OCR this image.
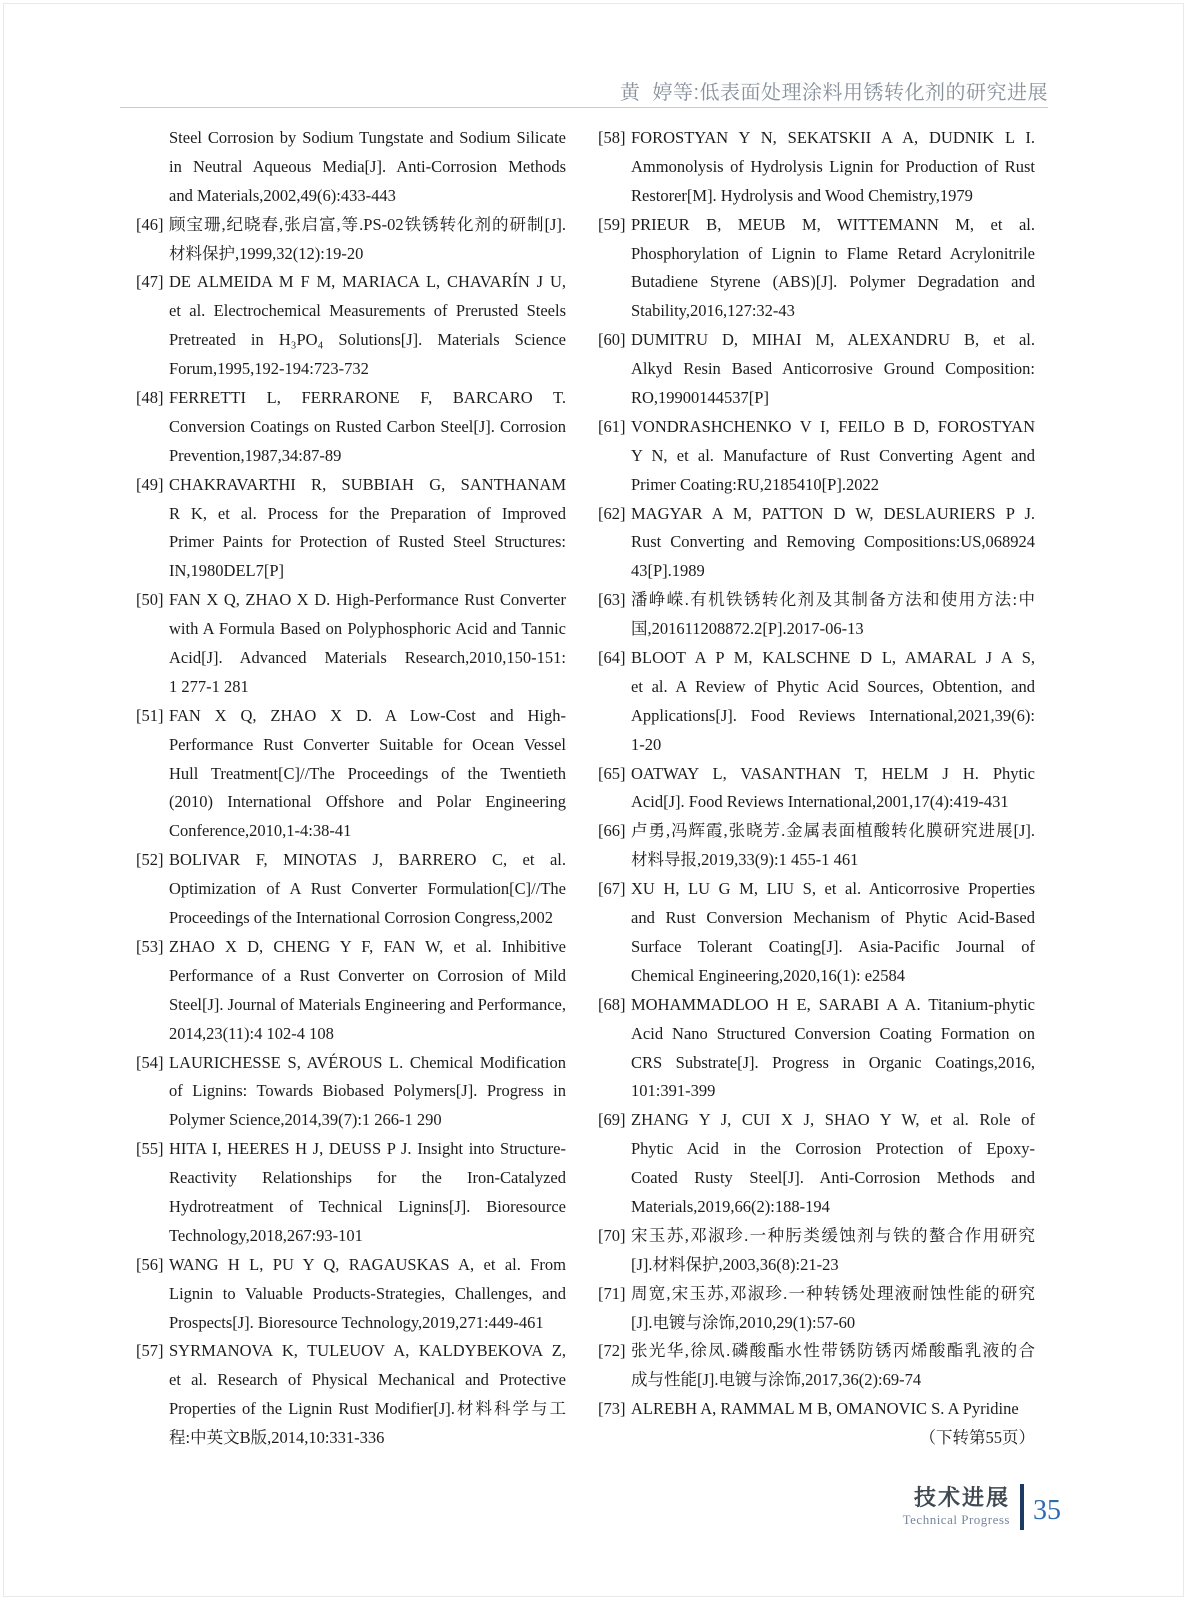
黄  婷等:低表面处理涂料用锈转化剂的研究进展
Steel Corrosion by Sodium Tungstate and Sodium Silicate
in Neutral Aqueous Media[J]. Anti-Corrosion Methods
and Materials,2002,49(6):433-443
[46] 顾宝珊,纪晓春,张启富,等.PS-02铁锈转化剂的研制[J].
材料保护,1999,32(12):19-20
[47] DE ALMEIDA M F M, MARIACA L, CHAVARÍN J U,
et al. Electrochemical Measurements of Prerusted Steels
Pretreated in H₃PO₄ Solutions[J]. Materials Science
Forum,1995,192-194:723-732
[48] FERRETTI L, FERRARONE F, BARCARO T.
Conversion Coatings on Rusted Carbon Steel[J]. Corrosion
Prevention,1987,34:87-89
[49] CHAKRAVARTHI R, SUBBIAH G, SANTHANAM
R K, et al. Process for the Preparation of Improved
Primer Paints for Protection of Rusted Steel Structures:
IN,1980DEL7[P]
[50] FAN X Q, ZHAO X D. High-Performance Rust Converter
with A Formula Based on Polyphosphoric Acid and Tannic
Acid[J]. Advanced Materials Research,2010,150-151:
1 277-1 281
[51] FAN X Q, ZHAO X D. A Low-Cost and High-
Performance Rust Converter Suitable for Ocean Vessel
Hull Treatment[C]//The Proceedings of the Twentieth
(2010) International Offshore and Polar Engineering
Conference,2010,1-4:38-41
[52] BOLIVAR F, MINOTAS J, BARRERO C, et al.
Optimization of A Rust Converter Formulation[C]//The
Proceedings of the International Corrosion Congress,2002
[53] ZHAO X D, CHENG Y F, FAN W, et al. Inhibitive
Performance of a Rust Converter on Corrosion of Mild
Steel[J]. Journal of Materials Engineering and Performance,
2014,23(11):4 102-4 108
[54] LAURICHESSE S, AVÉROUS L. Chemical Modification
of Lignins: Towards Biobased Polymers[J]. Progress in
Polymer Science,2014,39(7):1 266-1 290
[55] HITA I, HEERES H J, DEUSS P J. Insight into Structure-
Reactivity Relationships for the Iron-Catalyzed
Hydrotreatment of Technical Lignins[J]. Bioresource
Technology,2018,267:93-101
[56] WANG H L, PU Y Q, RAGAUSKAS A, et al. From
Lignin to Valuable Products-Strategies, Challenges, and
Prospects[J]. Bioresource Technology,2019,271:449-461
[57] SYRMANOVA K, TULEUOV A, KALDYBEKOVA Z,
et al. Research of Physical Mechanical and Protective
Properties of the Lignin Rust Modifier[J].材料科学与工
程:中英文B版,2014,10:331-336
[58] FOROSTYAN Y N, SEKATSKII A A, DUDNIK L I.
Ammonolysis of Hydrolysis Lignin for Production of Rust
Restorer[M]. Hydrolysis and Wood Chemistry,1979
[59] PRIEUR B, MEUB M, WITTEMANN M, et al.
Phosphorylation of Lignin to Flame Retard Acrylonitrile
Butadiene Styrene (ABS)[J]. Polymer Degradation and
Stability,2016,127:32-43
[60] DUMITRU D, MIHAI M, ALEXANDRU B, et al.
Alkyd Resin Based Anticorrosive Ground Composition:
RO,19900144537[P]
[61] VONDRASHCHENKO V I, FEILO B D, FOROSTYAN
Y N, et al. Manufacture of Rust Converting Agent and
Primer Coating:RU,2185410[P].2022
[62] MAGYAR A M, PATTON D W, DESLAURIERS P J.
Rust Converting and Removing Compositions:US,068924
43[P].1989
[63] 潘峥嵘.有机铁锈转化剂及其制备方法和使用方法:中
国,201611208872.2[P].2017-06-13
[64] BLOOT A P M, KALSCHNE D L, AMARAL J A S,
et al. A Review of Phytic Acid Sources, Obtention, and
Applications[J]. Food Reviews International,2021,39(6):
1-20
[65] OATWAY L, VASANTHAN T, HELM J H. Phytic
Acid[J]. Food Reviews International,2001,17(4):419-431
[66] 卢勇,冯辉霞,张晓芳.金属表面植酸转化膜研究进展[J].
材料导报,2019,33(9):1 455-1 461
[67] XU H, LU G M, LIU S, et al. Anticorrosive Properties
and Rust Conversion Mechanism of Phytic Acid-Based
Surface Tolerant Coating[J]. Asia-Pacific Journal of
Chemical Engineering,2020,16(1): e2584
[68] MOHAMMADLOO H E, SARABI A A. Titanium-phytic
Acid Nano Structured Conversion Coating Formation on
CRS Substrate[J]. Progress in Organic Coatings,2016,
101:391-399
[69] ZHANG Y J, CUI X J, SHAO Y W, et al. Role of
Phytic Acid in the Corrosion Protection of Epoxy-
Coated Rusty Steel[J]. Anti-Corrosion Methods and
Materials,2019,66(2):188-194
[70] 宋玉苏,邓淑珍.一种肟类缓蚀剂与铁的螯合作用研究
[J].材料保护,2003,36(8):21-23
[71] 周宽,宋玉苏,邓淑珍.一种转锈处理液耐蚀性能的研究
[J].电镀与涂饰,2010,29(1):57-60
[72] 张光华,徐凤.磷酸酯水性带锈防锈丙烯酸酯乳液的合
成与性能[J].电镀与涂饰,2017,36(2):69-74
[73] ALREBH A, RAMMAL M B, OMANOVIC S. A Pyridine
（下转第55页）
技术进展
Technical Progress 35
